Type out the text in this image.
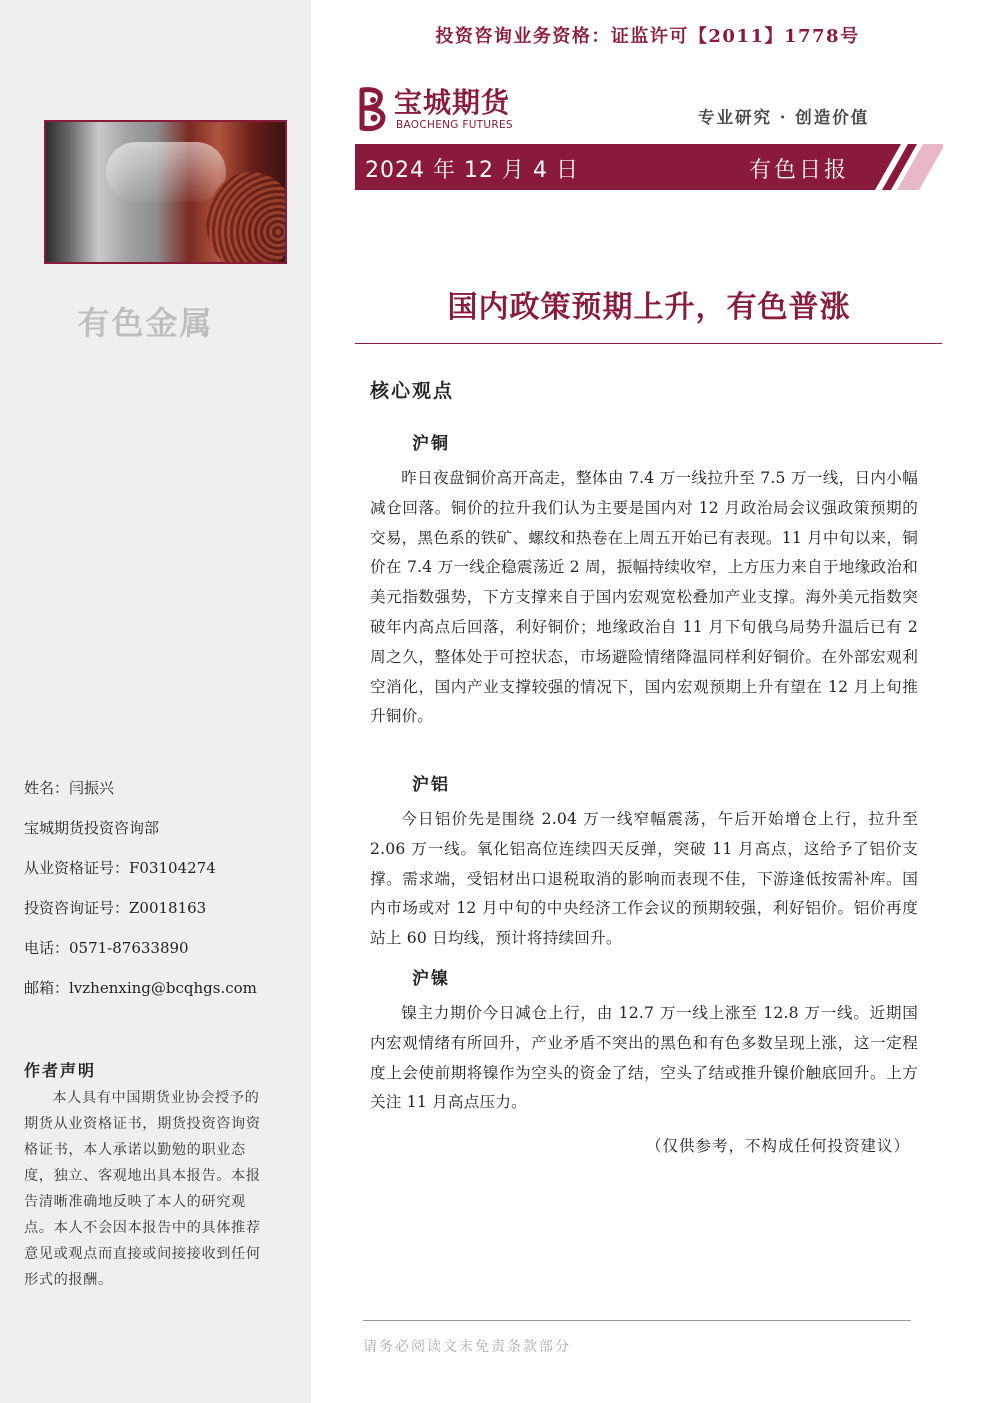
有色金属
姓名：闫振兴
宝城期货投资咨询部
从业资格证号：F03104274
投资咨询证号：Z0018163
电话：0571-87633890
邮箱：lvzhenxing@bcqhgs.com
作者声明
本人具有中国期货业协会授予的期货从业资格证书，期货投资咨询资格证书，本人承诺以勤勉的职业态度，独立、客观地出具本报告。本报告清晰准确地反映了本人的研究观点。本人不会因本报告中的具体推荐意见或观点而直接或间接接收到任何形式的报酬。
投资咨询业务资格：证监许可【2011】1778号
宝城期货
BAOCHENG FUTURES	专业研究 · 创造价值
2024 年 12 月 4 日	有色日报
国内政策预期上升，有色普涨
核心观点
沪铜
昨日夜盘铜价高开高走，整体由 7.4 万一线拉升至 7.5 万一线，日内小幅减仓回落。铜价的拉升我们认为主要是国内对 12 月政治局会议强政策预期的交易，黑色系的铁矿、螺纹和热卷在上周五开始已有表现。11 月中旬以来，铜价在 7.4 万一线企稳震荡近 2 周，振幅持续收窄，上方压力来自于地缘政治和美元指数强势，下方支撑来自于国内宏观宽松叠加产业支撑。海外美元指数突破年内高点后回落，利好铜价；地缘政治自 11 月下旬俄乌局势升温后已有 2 周之久，整体处于可控状态，市场避险情绪降温同样利好铜价。在外部宏观利空消化，国内产业支撑较强的情况下，国内宏观预期上升有望在 12 月上旬推升铜价。
沪铝
今日铝价先是围绕 2.04 万一线窄幅震荡，午后开始增仓上行，拉升至 2.06 万一线。氧化铝高位连续四天反弹，突破 11 月高点，这给予了铝价支撑。需求端，受铝材出口退税取消的影响而表现不佳，下游逢低按需补库。国内市场或对 12 月中旬的中央经济工作会议的预期较强，利好铝价。铝价再度站上 60 日均线，预计将持续回升。
沪镍
镍主力期价今日减仓上行，由 12.7 万一线上涨至 12.8 万一线。近期国内宏观情绪有所回升，产业矛盾不突出的黑色和有色多数呈现上涨，这一定程度上会使前期将镍作为空头的资金了结，空头了结或推升镍价触底回升。上方关注 11 月高点压力。
（仅供参考，不构成任何投资建议）
请务必阅读文末免责条款部分
